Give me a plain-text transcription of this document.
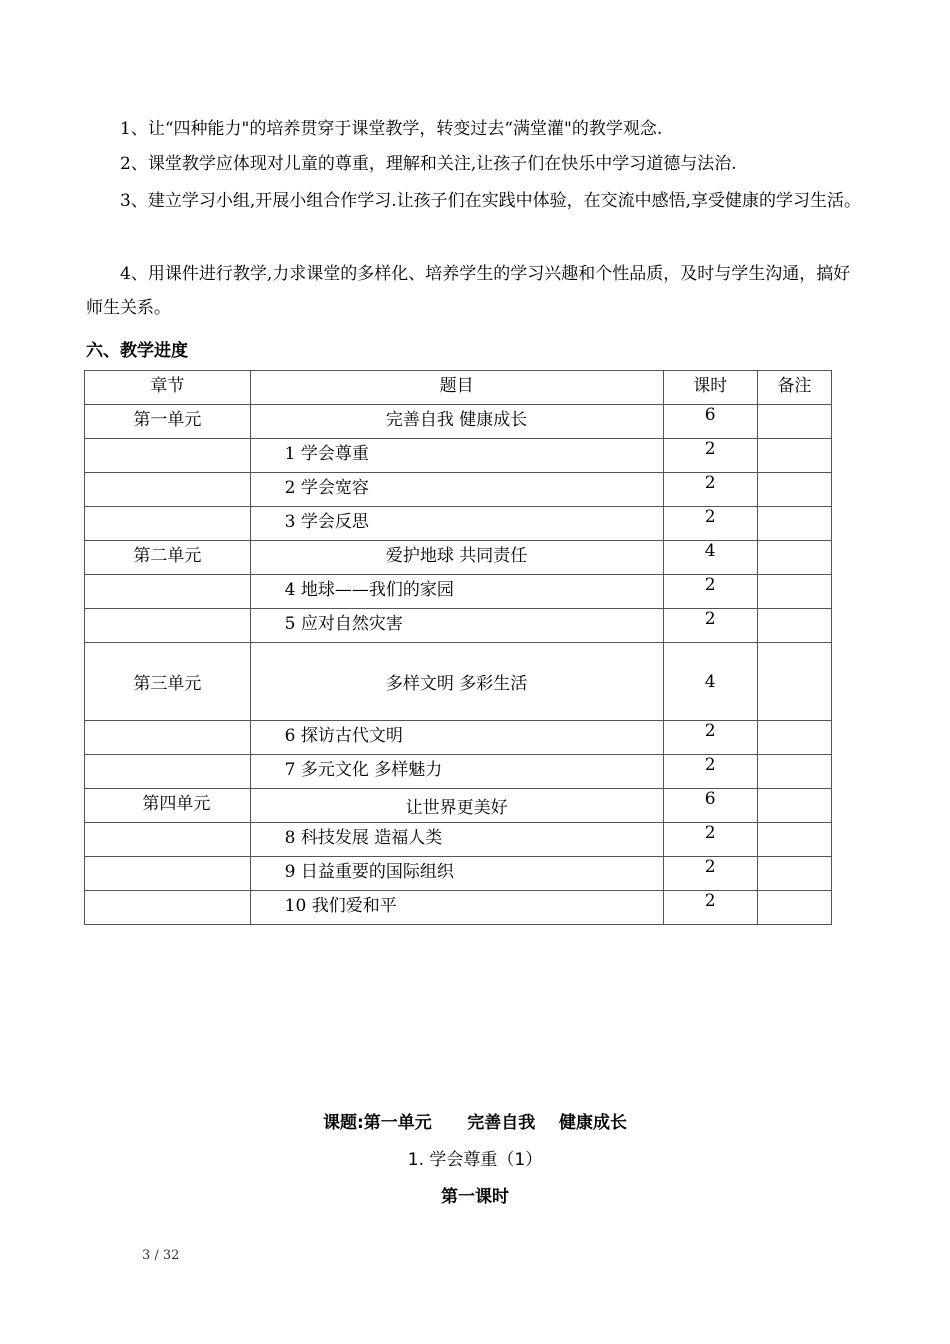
1、让“四种能力"的培养贯穿于课堂教学，转变过去“满堂灌"的教学观念.

2、课堂教学应体现对儿童的尊重，理解和关注,让孩子们在快乐中学习道德与法治.

3、建立学习小组,开展小组合作学习.让孩子们在实践中体验，在交流中感悟,享受健康的学习生活。

4、用课件进行教学,力求课堂的多样化、培养学生的学习兴趣和个性品质，及时与学生沟通，搞好师生关系。

六、教学进度
章节	题目	课时	备注
第一单元	完善自我 健康成长	6	
	1 学会尊重	2	
	2 学会宽容	2	
	3 学会反思	2	
第二单元	爱护地球 共同责任	4	
	4 地球——我们的家园	2	
	5 应对自然灾害	2	
第三单元	多样文明 多彩生活	4	
	6 探访古代文明	2	
	7 多元文化 多样魅力	2	
第四单元	让世界更美好	6	
	8 科技发展 造福人类	2	
	9 日益重要的国际组织	2	
	10 我们爱和平	2	
课题:第一单元      完善自我    健康成长
1. 学会尊重（1）
第一课时
3 / 32
